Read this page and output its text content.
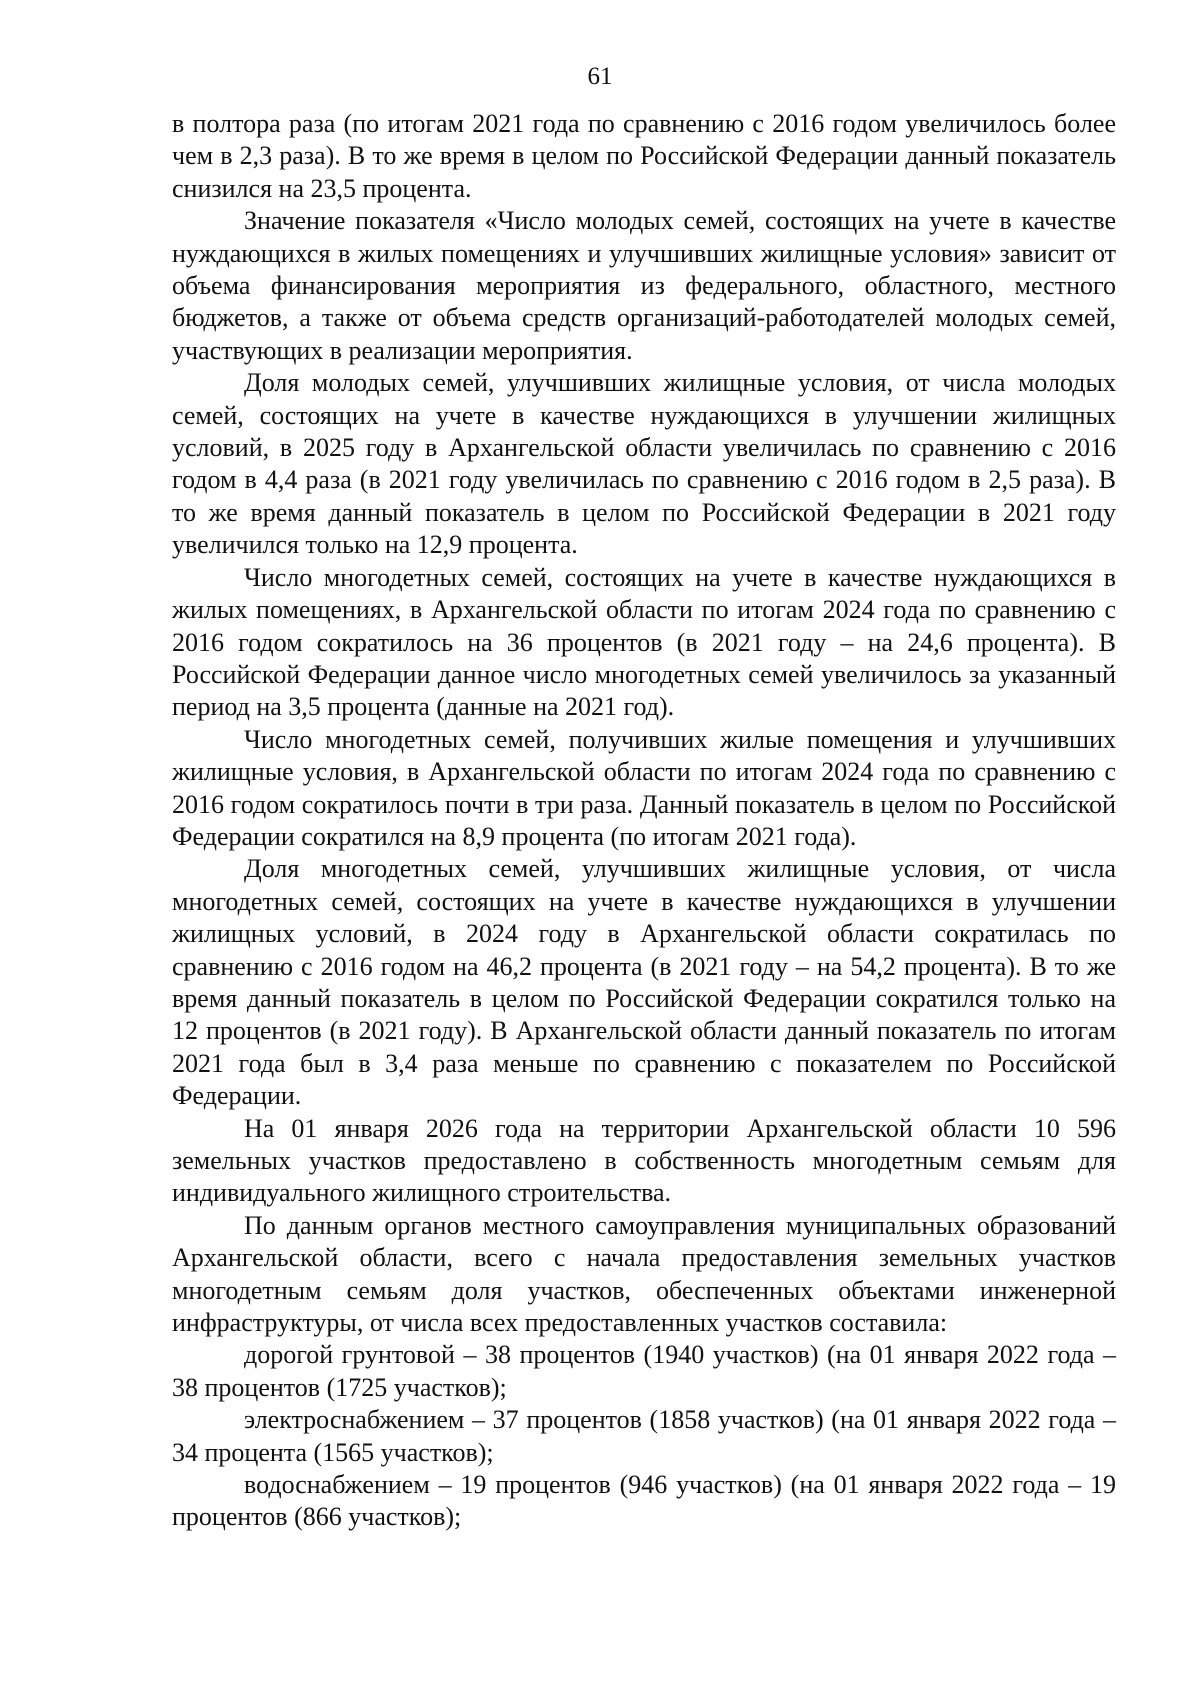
61

в полтора раза (по итогам 2021 года по сравнению с 2016 годом увеличилось более чем в 2,3 раза). В то же время в целом по Российской Федерации данный показатель снизился на 23,5 процента.

Значение показателя «Число молодых семей, состоящих на учете в качестве нуждающихся в жилых помещениях и улучшивших жилищные условия» зависит от объема финансирования мероприятия из федерального, областного, местного бюджетов, а также от объема средств организаций-работодателей молодых семей, участвующих в реализации мероприятия.

Доля молодых семей, улучшивших жилищные условия, от числа молодых семей, состоящих на учете в качестве нуждающихся в улучшении жилищных условий, в 2025 году в Архангельской области увеличилась по сравнению с 2016 годом в 4,4 раза (в 2021 году увеличилась по сравнению с 2016 годом в 2,5 раза). В то же время данный показатель в целом по Российской Федерации в 2021 году увеличился только на 12,9 процента.

Число многодетных семей, состоящих на учете в качестве нуждающихся в жилых помещениях, в Архангельской области по итогам 2024 года по сравнению с 2016 годом сократилось на 36 процентов (в 2021 году – на 24,6 процента). В Российской Федерации данное число многодетных семей увеличилось за указанный период на 3,5 процента (данные на 2021 год).

Число многодетных семей, получивших жилые помещения и улучшивших жилищные условия, в Архангельской области по итогам 2024 года по сравнению с 2016 годом сократилось почти в три раза. Данный показатель в целом по Российской Федерации сократился на 8,9 процента (по итогам 2021 года).

Доля многодетных семей, улучшивших жилищные условия, от числа многодетных семей, состоящих на учете в качестве нуждающихся в улучшении жилищных условий, в 2024 году в Архангельской области сократилась по сравнению с 2016 годом на 46,2 процента (в 2021 году – на 54,2 процента). В то же время данный показатель в целом по Российской Федерации сократился только на 12 процентов (в 2021 году). В Архангельской области данный показатель по итогам 2021 года был в 3,4 раза меньше по сравнению с показателем по Российской Федерации.

На 01 января 2026 года на территории Архангельской области 10 596 земельных участков предоставлено в собственность многодетным семьям для индивидуального жилищного строительства.

По данным органов местного самоуправления муниципальных образований Архангельской области, всего с начала предоставления земельных участков многодетным семьям доля участков, обеспеченных объектами инженерной инфраструктуры, от числа всех предоставленных участков составила:

дорогой грунтовой – 38 процентов (1940 участков) (на 01 января 2022 года – 38 процентов (1725 участков);

электроснабжением – 37 процентов (1858 участков) (на 01 января 2022 года – 34 процента (1565 участков);

водоснабжением – 19 процентов (946 участков) (на 01 января 2022 года – 19 процентов (866 участков);
